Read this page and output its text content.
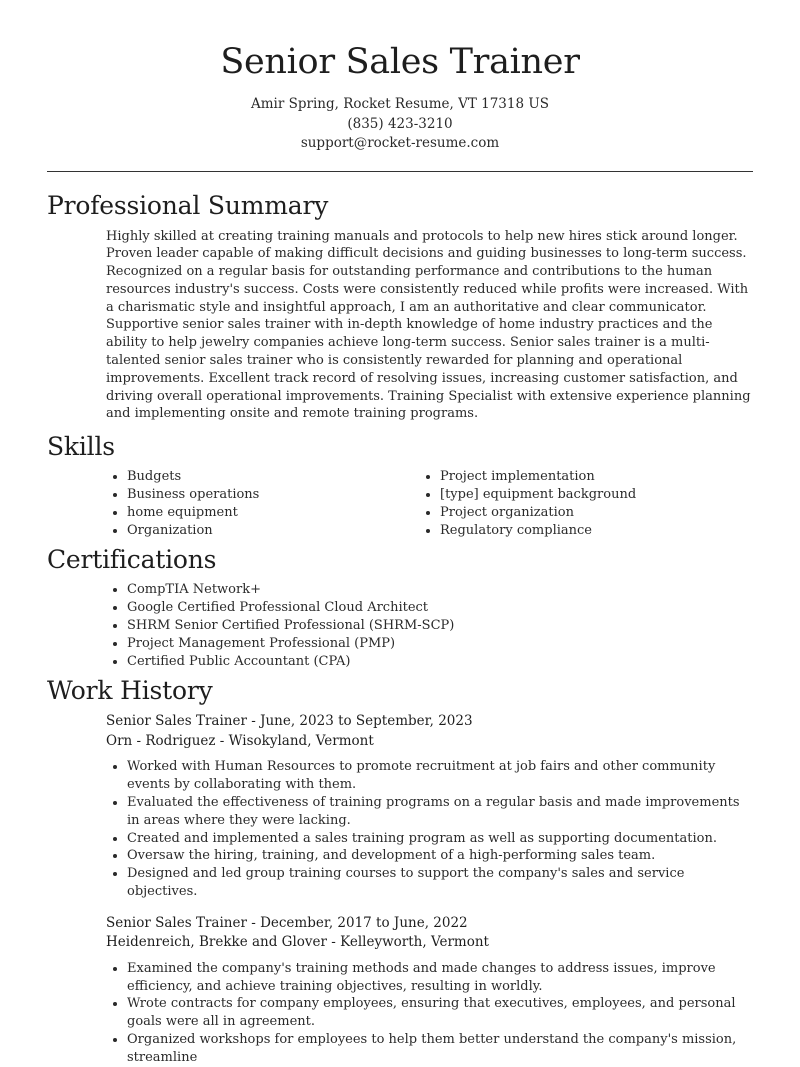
Senior Sales Trainer
Amir Spring, Rocket Resume, VT 17318 US
(835) 423-3210
support@rocket-resume.com
Professional Summary

Highly skilled at creating training manuals and protocols to help new hires stick around longer. Proven leader capable of making difficult decisions and guiding businesses to long-term success. Recognized on a regular basis for outstanding performance and contributions to the human resources industry's success. Costs were consistently reduced while profits were increased. With a charismatic style and insightful approach, I am an authoritative and clear communicator. Supportive senior sales trainer with in-depth knowledge of home industry practices and the ability to help jewelry companies achieve long-term success. Senior sales trainer is a multi-talented senior sales trainer who is consistently rewarded for planning and operational improvements. Excellent track record of resolving issues, increasing customer satisfaction, and driving overall operational improvements. Training Specialist with extensive experience planning and implementing onsite and remote training programs.

Skills
• Budgets
• Business operations
• home equipment
• Organization
• Project implementation
• [type] equipment background
• Project organization
• Regulatory compliance
Certifications
• CompTIA Network+
• Google Certified Professional Cloud Architect
• SHRM Senior Certified Professional (SHRM-SCP)
• Project Management Professional (PMP)
• Certified Public Accountant (CPA)
Work History
Senior Sales Trainer - June, 2023 to September, 2023
Orn - Rodriguez - Wisokyland, Vermont
• Worked with Human Resources to promote recruitment at job fairs and other community events by collaborating with them.
• Evaluated the effectiveness of training programs on a regular basis and made improvements in areas where they were lacking.
• Created and implemented a sales training program as well as supporting documentation.
• Oversaw the hiring, training, and development of a high-performing sales team.
• Designed and led group training courses to support the company's sales and service objectives.
Senior Sales Trainer - December, 2017 to June, 2022
Heidenreich, Brekke and Glover - Kelleyworth, Vermont
• Examined the company's training methods and made changes to address issues, improve efficiency, and achieve training objectives, resulting in worldly.
• Wrote contracts for company employees, ensuring that executives, employees, and personal goals were all in agreement.
• Organized workshops for employees to help them better understand the company's mission, streamline
